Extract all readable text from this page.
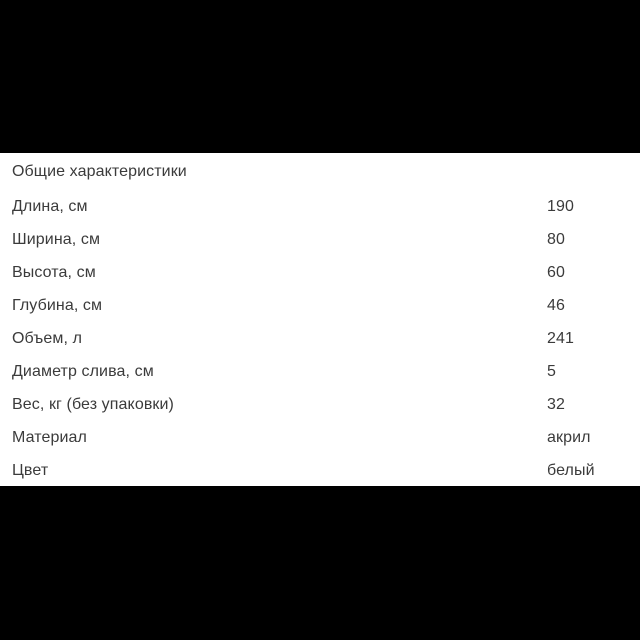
Общие характеристики
Длина, см	190
Ширина, см	80
Высота, см	60
Глубина, см	46
Объем, л	241
Диаметр слива, см	5
Вес, кг (без упаковки)	32
Материал	акрил
Цвет	белый
